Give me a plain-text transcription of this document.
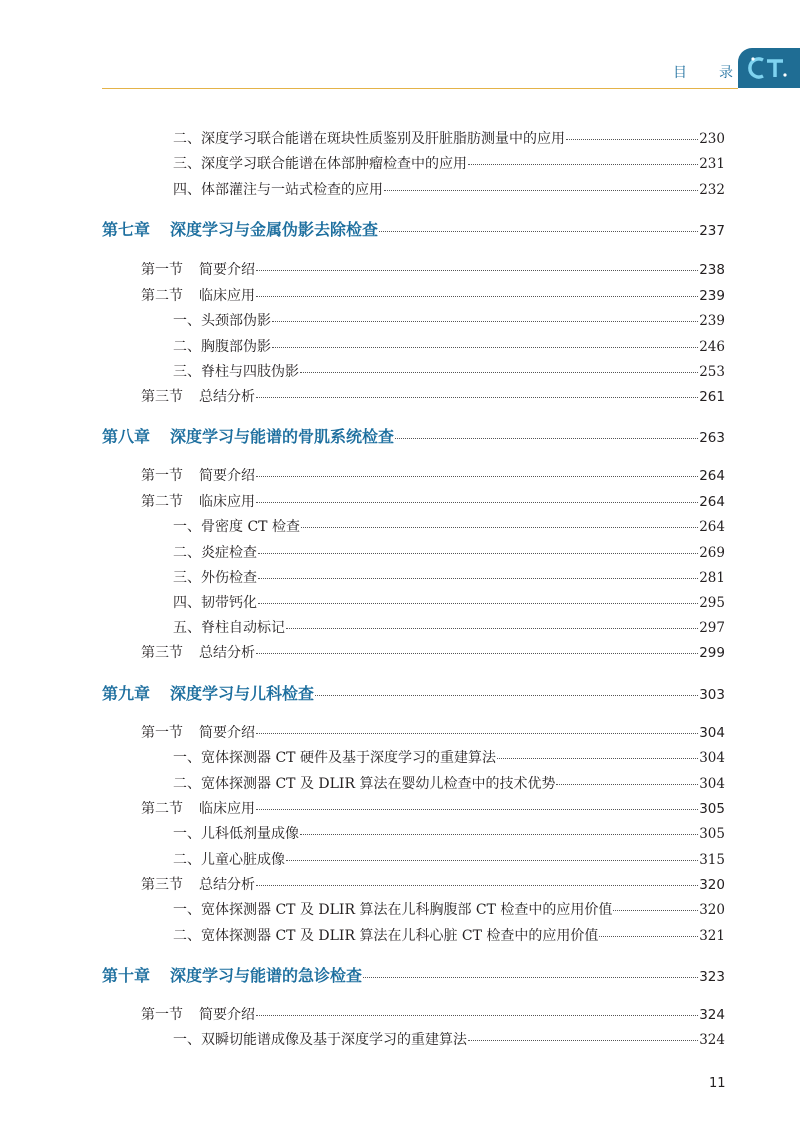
目 录
二、深度学习联合能谱在斑块性质鉴别及肝脏脂肪测量中的应用	230
三、深度学习联合能谱在体部肿瘤检查中的应用	231
四、体部灌注与一站式检查的应用	232
第七章 深度学习与金属伪影去除检查	237
第一节 简要介绍	238
第二节 临床应用	239
一、头颈部伪影	239
二、胸腹部伪影	246
三、脊柱与四肢伪影	253
第三节 总结分析	261
第八章 深度学习与能谱的骨肌系统检查	263
第一节 简要介绍	264
第二节 临床应用	264
一、骨密度 CT 检查	264
二、炎症检查	269
三、外伤检查	281
四、韧带钙化	295
五、脊柱自动标记	297
第三节 总结分析	299
第九章 深度学习与儿科检查	303
第一节 简要介绍	304
一、宽体探测器 CT 硬件及基于深度学习的重建算法	304
二、宽体探测器 CT 及 DLIR 算法在婴幼儿检查中的技术优势	304
第二节 临床应用	305
一、儿科低剂量成像	305
二、儿童心脏成像	315
第三节 总结分析	320
一、宽体探测器 CT 及 DLIR 算法在儿科胸腹部 CT 检查中的应用价值	320
二、宽体探测器 CT 及 DLIR 算法在儿科心脏 CT 检查中的应用价值	321
第十章 深度学习与能谱的急诊检查	323
第一节 简要介绍	324
一、双瞬切能谱成像及基于深度学习的重建算法	324
11
